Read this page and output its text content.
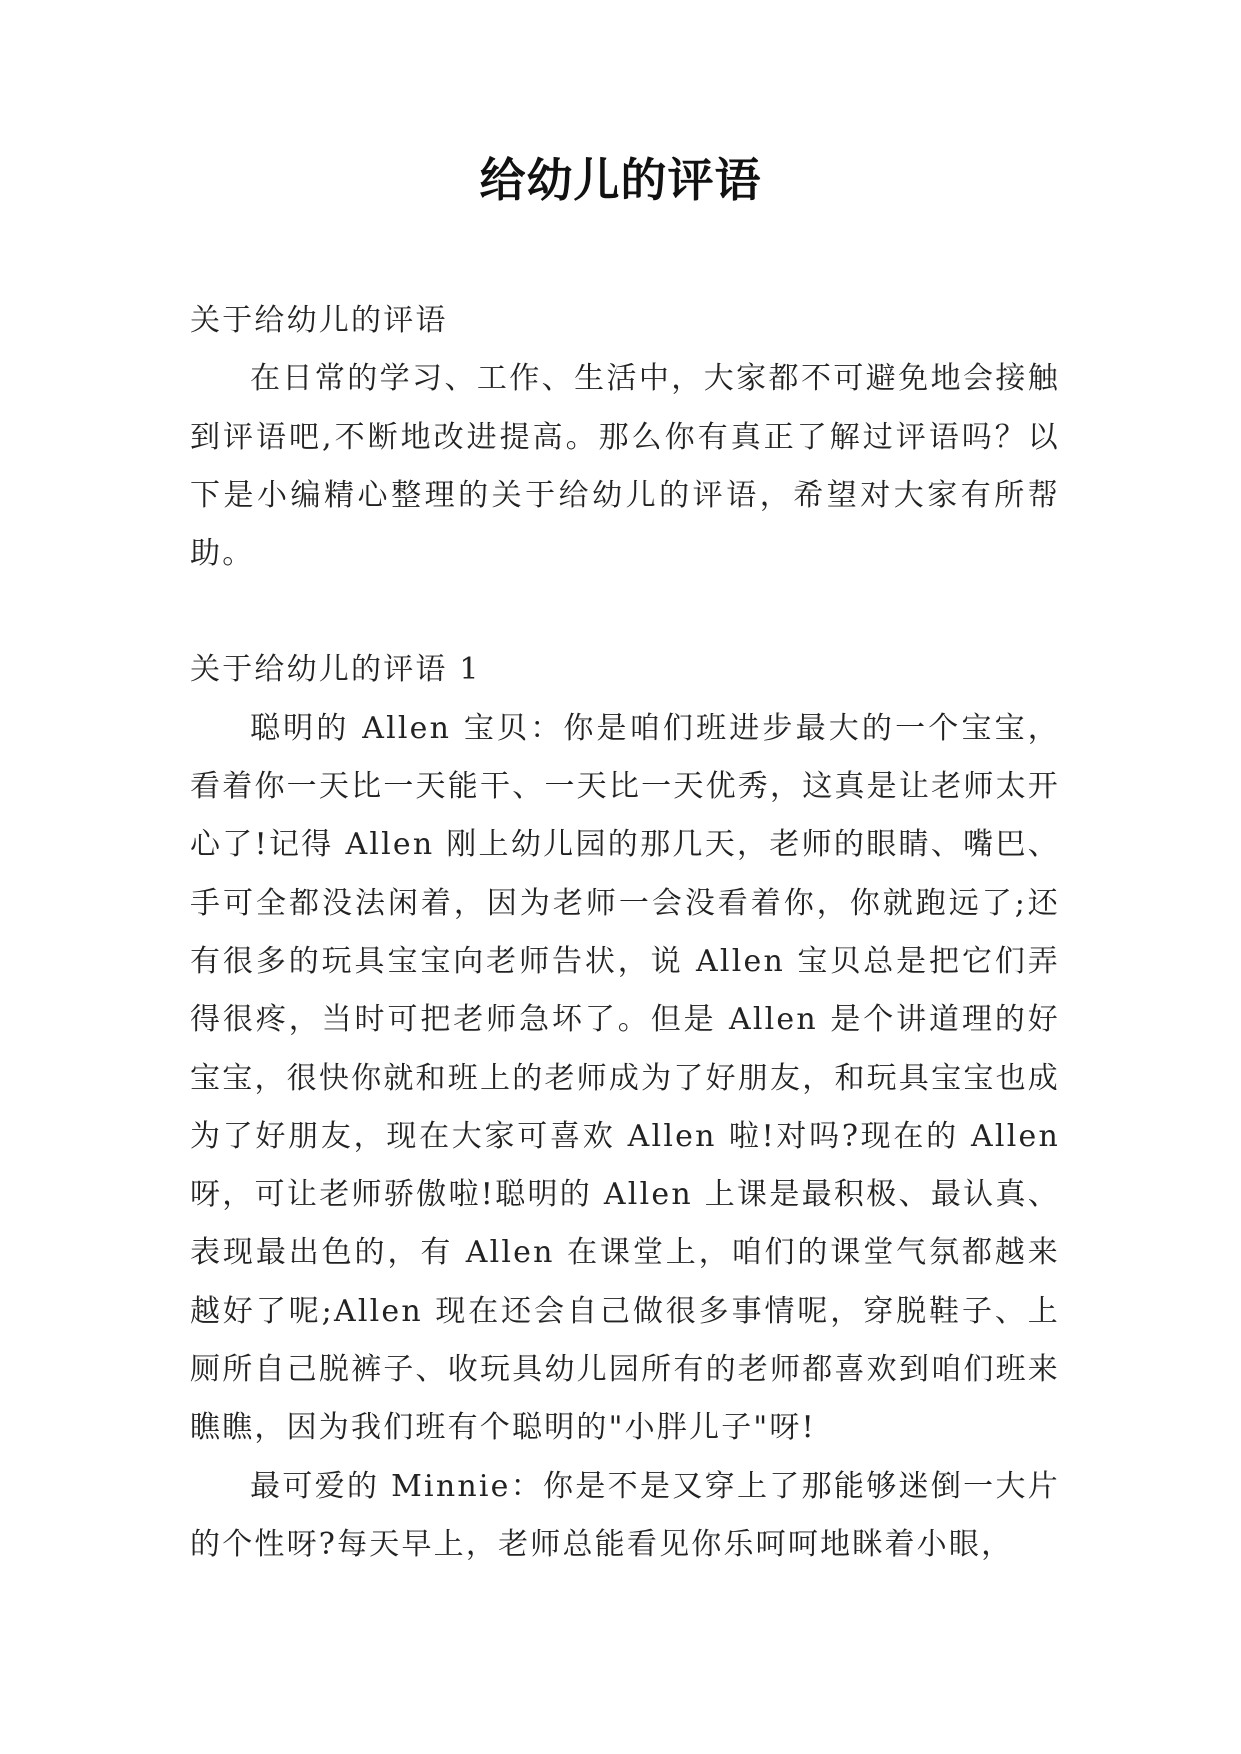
给幼儿的评语

关于给幼儿的评语

在日常的学习、工作、生活中，大家都不可避免地会接触到评语吧,不断地改进提高。那么你有真正了解过评语吗？以下是小编精心整理的关于给幼儿的评语，希望对大家有所帮助。

关于给幼儿的评语 1

聪明的 Allen 宝贝：你是咱们班进步最大的一个宝宝，看着你一天比一天能干、一天比一天优秀，这真是让老师太开心了!记得 Allen 刚上幼儿园的那几天，老师的眼睛、嘴巴、手可全都没法闲着，因为老师一会没看着你，你就跑远了;还有很多的玩具宝宝向老师告状，说 Allen 宝贝总是把它们弄得很疼，当时可把老师急坏了。但是 Allen 是个讲道理的好宝宝，很快你就和班上的老师成为了好朋友，和玩具宝宝也成为了好朋友，现在大家可喜欢 Allen 啦!对吗?现在的 Allen 呀，可让老师骄傲啦!聪明的 Allen 上课是最积极、最认真、表现最出色的，有 Allen 在课堂上，咱们的课堂气氛都越来越好了呢;Allen 现在还会自己做很多事情呢，穿脱鞋子、上厕所自己脱裤子、收玩具幼儿园所有的老师都喜欢到咱们班来瞧瞧，因为我们班有个聪明的"小胖儿子"呀!

最可爱的 Minnie：你是不是又穿上了那能够迷倒一大片的个性呀?每天早上，老师总能看见你乐呵呵地眯着小眼，
